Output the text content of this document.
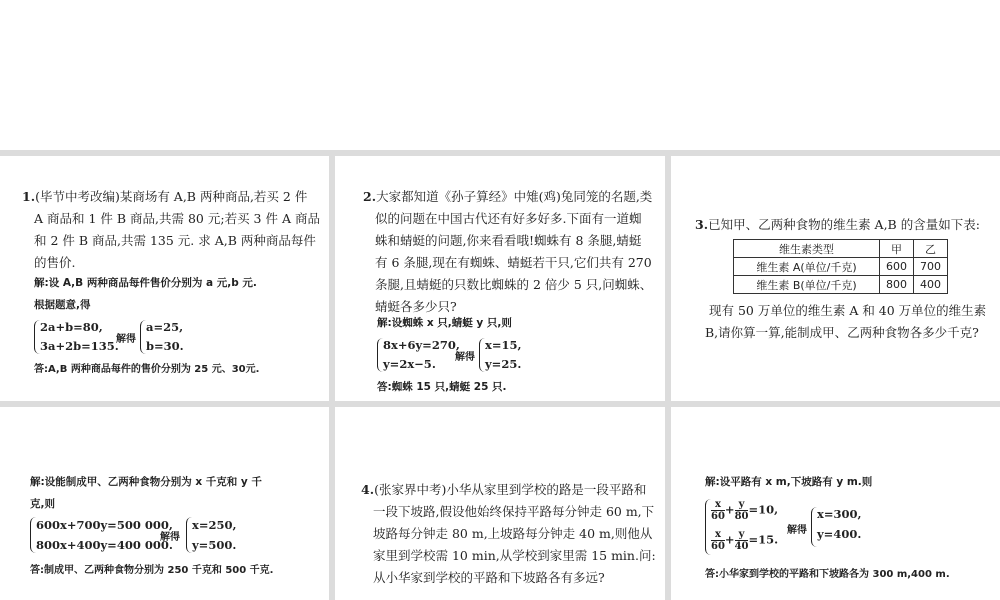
1.(毕节中考改编)某商场有 A,B 两种商品,若买 2 件
A 商品和 1 件 B 商品,共需 80 元;若买 3 件 A 商品
和 2 件 B 商品,共需 135 元. 求 A,B 两种商品每件
的售价.
解:设 A,B 两种商品每件售价分别为 a 元,b 元.
根据题意,得
2a+b=80,
3a+2b=135.
解得
a=25,
b=30.
答:A,B 两种商品每件的售价分别为 25 元、30元.
2.大家都知道《孙子算经》中雉(鸡)兔同笼的名题,类
似的问题在中国古代还有好多好多.下面有一道蜘
蛛和蜻蜓的问题,你来看看哦!蜘蛛有 8 条腿,蜻蜓
有 6 条腿,现在有蜘蛛、蜻蜓若干只,它们共有 270
条腿,且蜻蜓的只数比蜘蛛的 2 倍少 5 只,问蜘蛛、
蜻蜓各多少只?
解:设蜘蛛 x 只,蜻蜓 y 只,则
8x+6y=270,
y=2x−5. 解得
x=15,
y=25.
答:蜘蛛 15 只,蜻蜓 25 只.
3.已知甲、乙两种食物的维生素 A,B 的含量如下表:
维生素类型	甲	乙
维生素 A(单位/千克)	600	700
维生素 B(单位/千克)	800	400
现有 50 万单位的维生素 A 和 40 万单位的维生素
B,请你算一算,能制成甲、乙两种食物各多少千克?
解:设能制成甲、乙两种食物分别为 x 千克和 y 千
克,则
600x+700y=500 000,
800x+400y=400 000.
解得
x=250,
y=500.
答:制成甲、乙两种食物分别为 250 千克和 500 千克.
4.(张家界中考)小华从家里到学校的路是一段平路和
一段下坡路,假设他始终保持平路每分钟走 60 m,下
坡路每分钟走 80 m,上坡路每分钟走 40 m,则他从
家里到学校需 10 min,从学校到家里需 15 min.问:
从小华家到学校的平路和下坡路各有多远?
解:设平路有 x m,下坡路有 y m.则
$\frac{x}{60} + \frac{y}{80} =10$,
$\frac{x}{60} + \frac{y}{40} =15$.
解得
x=300,
y=400.
答:小华家到学校的平路和下坡路各为 300 m,400 m.
